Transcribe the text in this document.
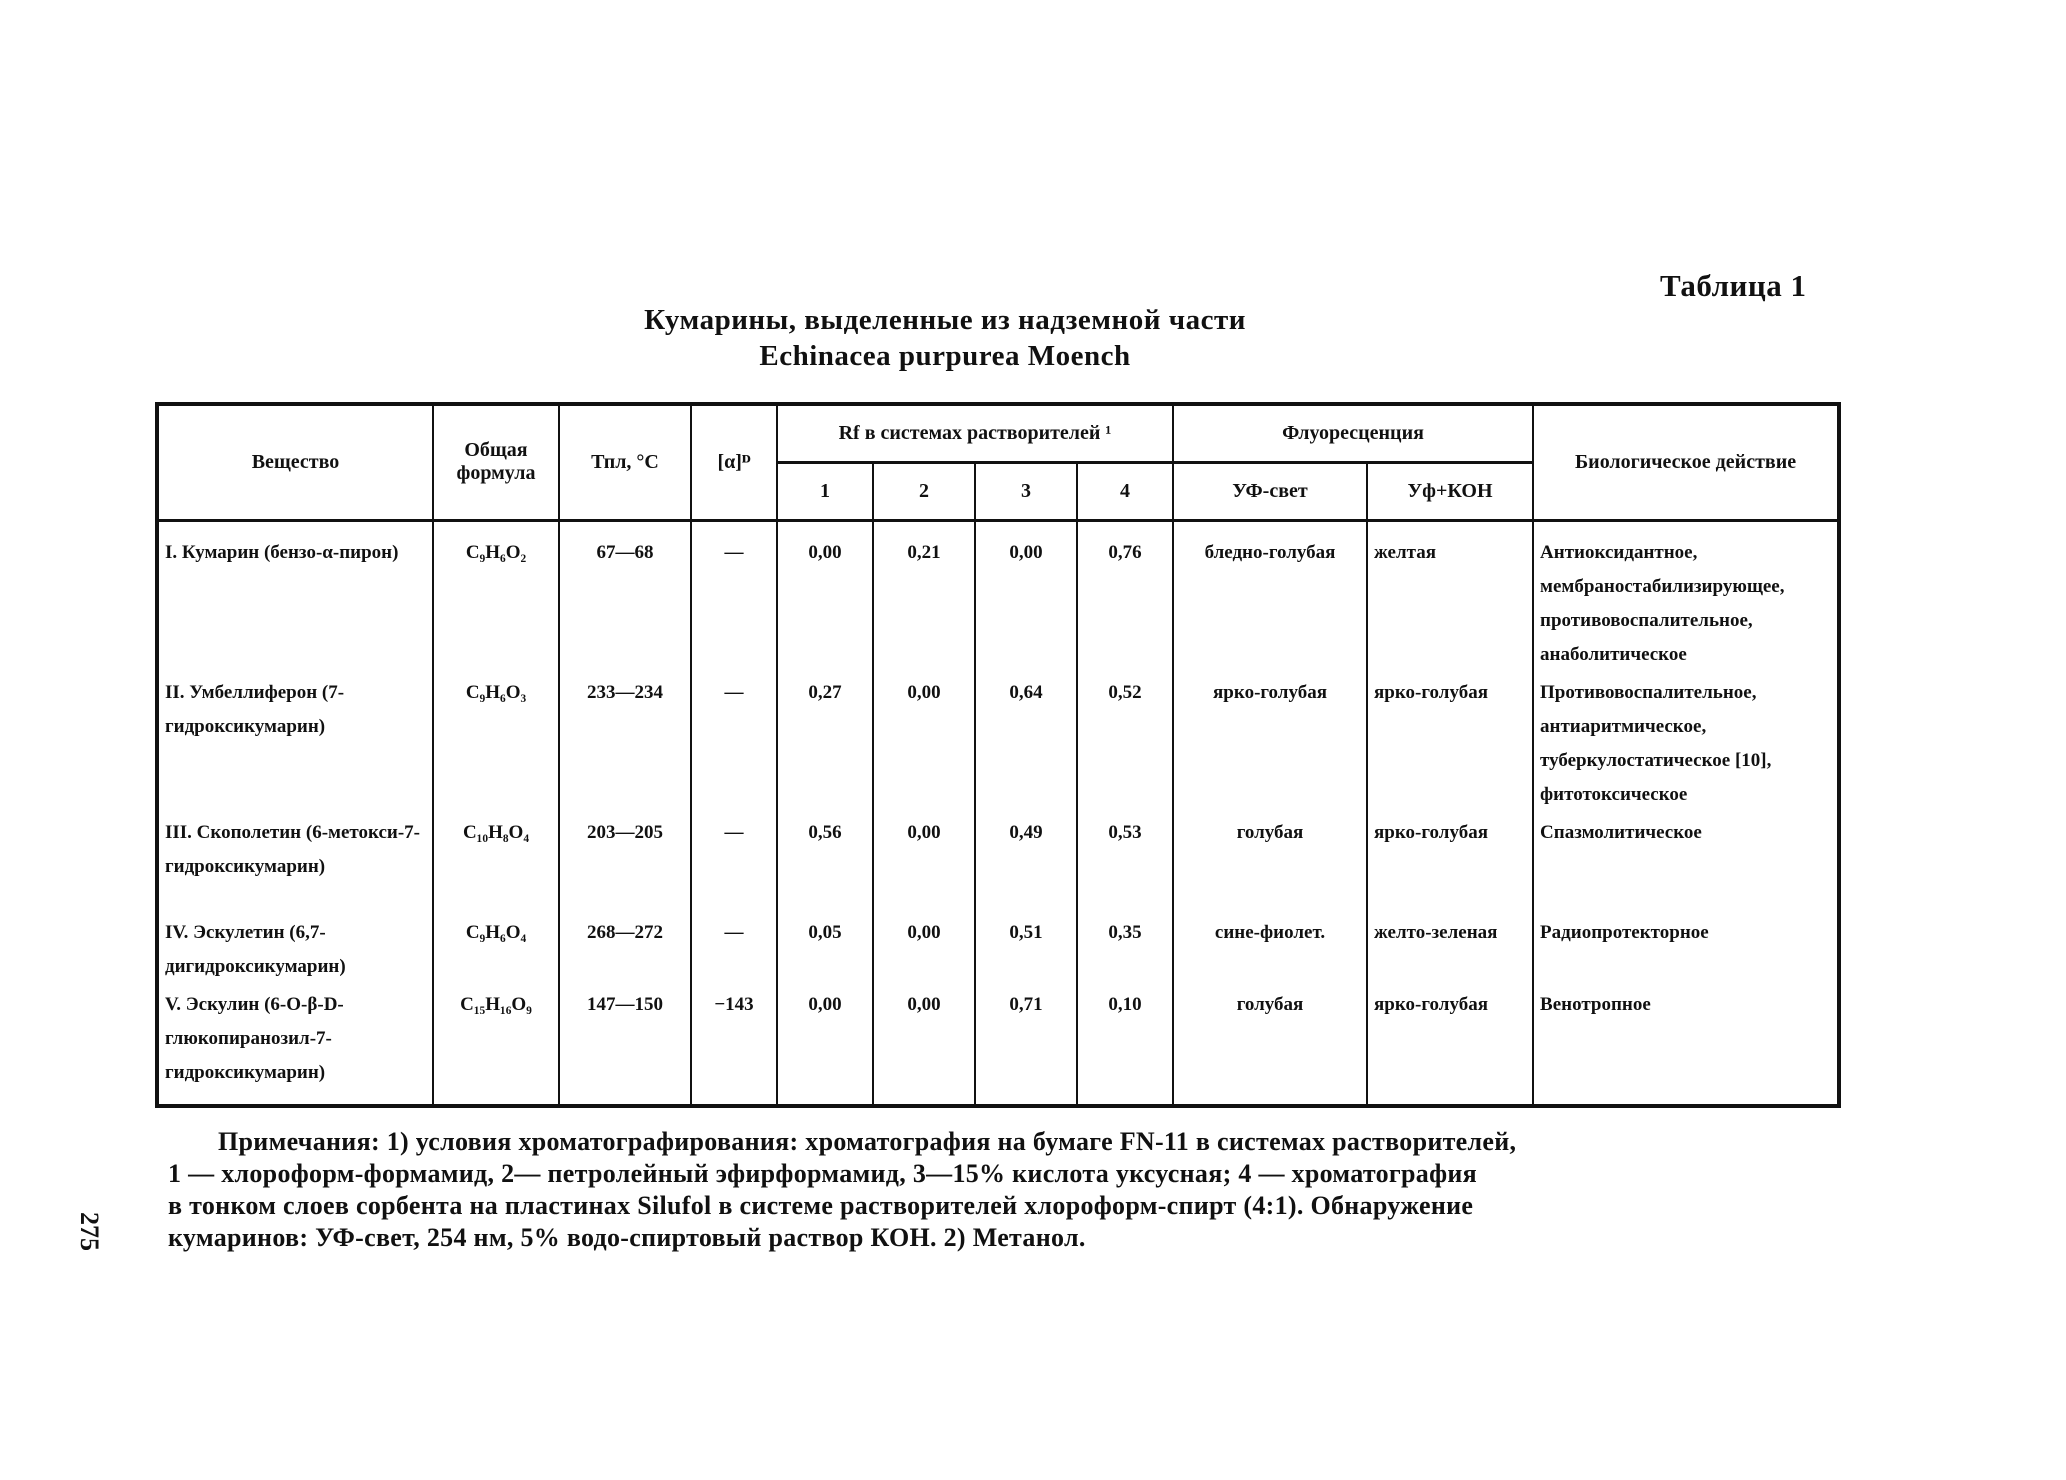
Таблица 1
Кумарины, выделенные из надземной части
Echinacea purpurea Moench
Вещество	Общая формула	Тпл, °С	[α]ᴰ	Rf в системах растворителей ¹				Флуоресценция		Биологическое действие
				1	2	3	4	УФ-свет	Уф+КОН	
I. Кумарин (бензо-α-пирон)	C₉H₆O₂	67—68	—	0,00	0,21	0,00	0,76	бледно-голубая	желтая	Антиоксидантное, мембраностабилизирующее, противовоспалительное, анаболитическое
II. Умбеллиферон (7-гидроксикумарин)	C₉H₆O₃	233—234	—	0,27	0,00	0,64	0,52	ярко-голубая	ярко-голубая	Противовоспалительное, антиаритмическое, туберкулостатическое [10], фитотоксическое
III. Скополетин (6-метокси-7-гидроксикумарин)	C₁₀H₈O₄	203—205	—	0,56	0,00	0,49	0,53	голубая	ярко-голубая	Спазмолитическое
IV. Эскулетин (6,7-дигидроксикумарин)	C₉H₆O₄	268—272	—	0,05	0,00	0,51	0,35	сине-фиолет.	желто-зеленая	Радиопротекторное
V. Эскулин (6-О-β-D-глюкопиранозил-7-гидроксикумарин)	C₁₅H₁₆O₉	147—150	−143	0,00	0,00	0,71	0,10	голубая	ярко-голубая	Венотропное
Примечания: 1) условия хроматографирования: хроматография на бумаге FN-11 в системах растворителей,
1 — хлороформ-формамид, 2— петролейный эфирформамид, 3—15% кислота уксусная; 4 — хроматография
в тонком слоев сорбента на пластинах Silufol в системе растворителей хлороформ-спирт (4:1). Обнаружение
кумаринов: УФ-свет, 254 нм, 5% водо-спиртовый раствор КОН. 2) Метанол.
275
